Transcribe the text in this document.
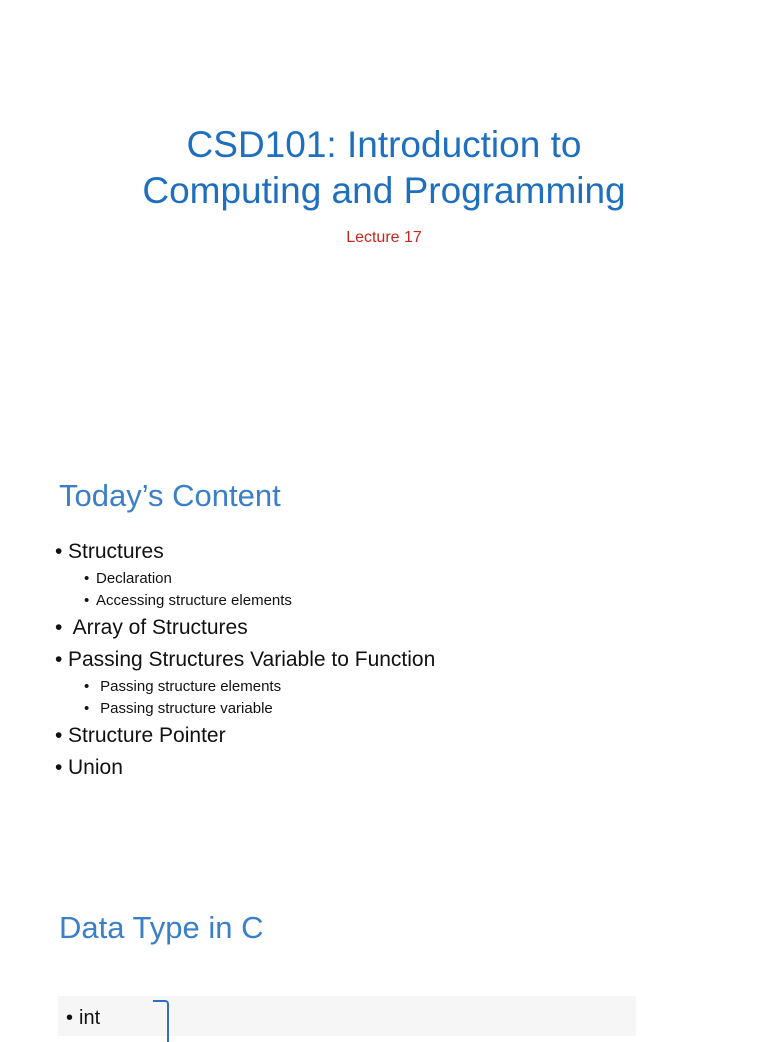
CSD101: Introduction to
Computing and Programming
Lecture 17
Today’s Content
• Structures
• Declaration
• Accessing structure elements
• Array of Structures
• Passing Structures Variable to Function
• Passing structure elements
• Passing structure variable
• Structure Pointer
• Union
Data Type in C
• int
